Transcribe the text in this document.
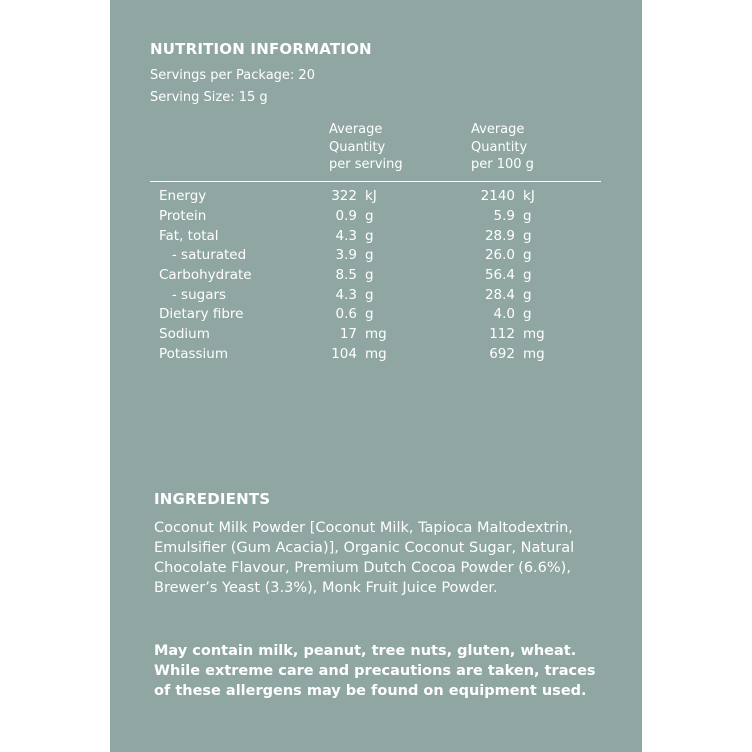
NUTRITION INFORMATION
Servings per Package: 20
Serving Size: 15 g
Average
Quantity
per serving
Average
Quantity
per 100 g
Energy	322 kJ	2140 kJ
Protein	0.9 g	5.9 g
Fat, total	4.3 g	28.9 g
- saturated	3.9 g	26.0 g
Carbohydrate	8.5 g	56.4 g
- sugars	4.3 g	28.4 g
Dietary fibre	0.6 g	4.0 g
Sodium	17 mg	112 mg
Potassium	104 mg	692 mg
INGREDIENTS
Coconut Milk Powder [Coconut Milk, Tapioca Maltodextrin, Emulsifier (Gum Acacia)], Organic Coconut Sugar, Natural Chocolate Flavour, Premium Dutch Cocoa Powder (6.6%), Brewer’s Yeast (3.3%), Monk Fruit Juice Powder.
May contain milk, peanut, tree nuts, gluten, wheat. While extreme care and precautions are taken, traces of these allergens may be found on equipment used.
